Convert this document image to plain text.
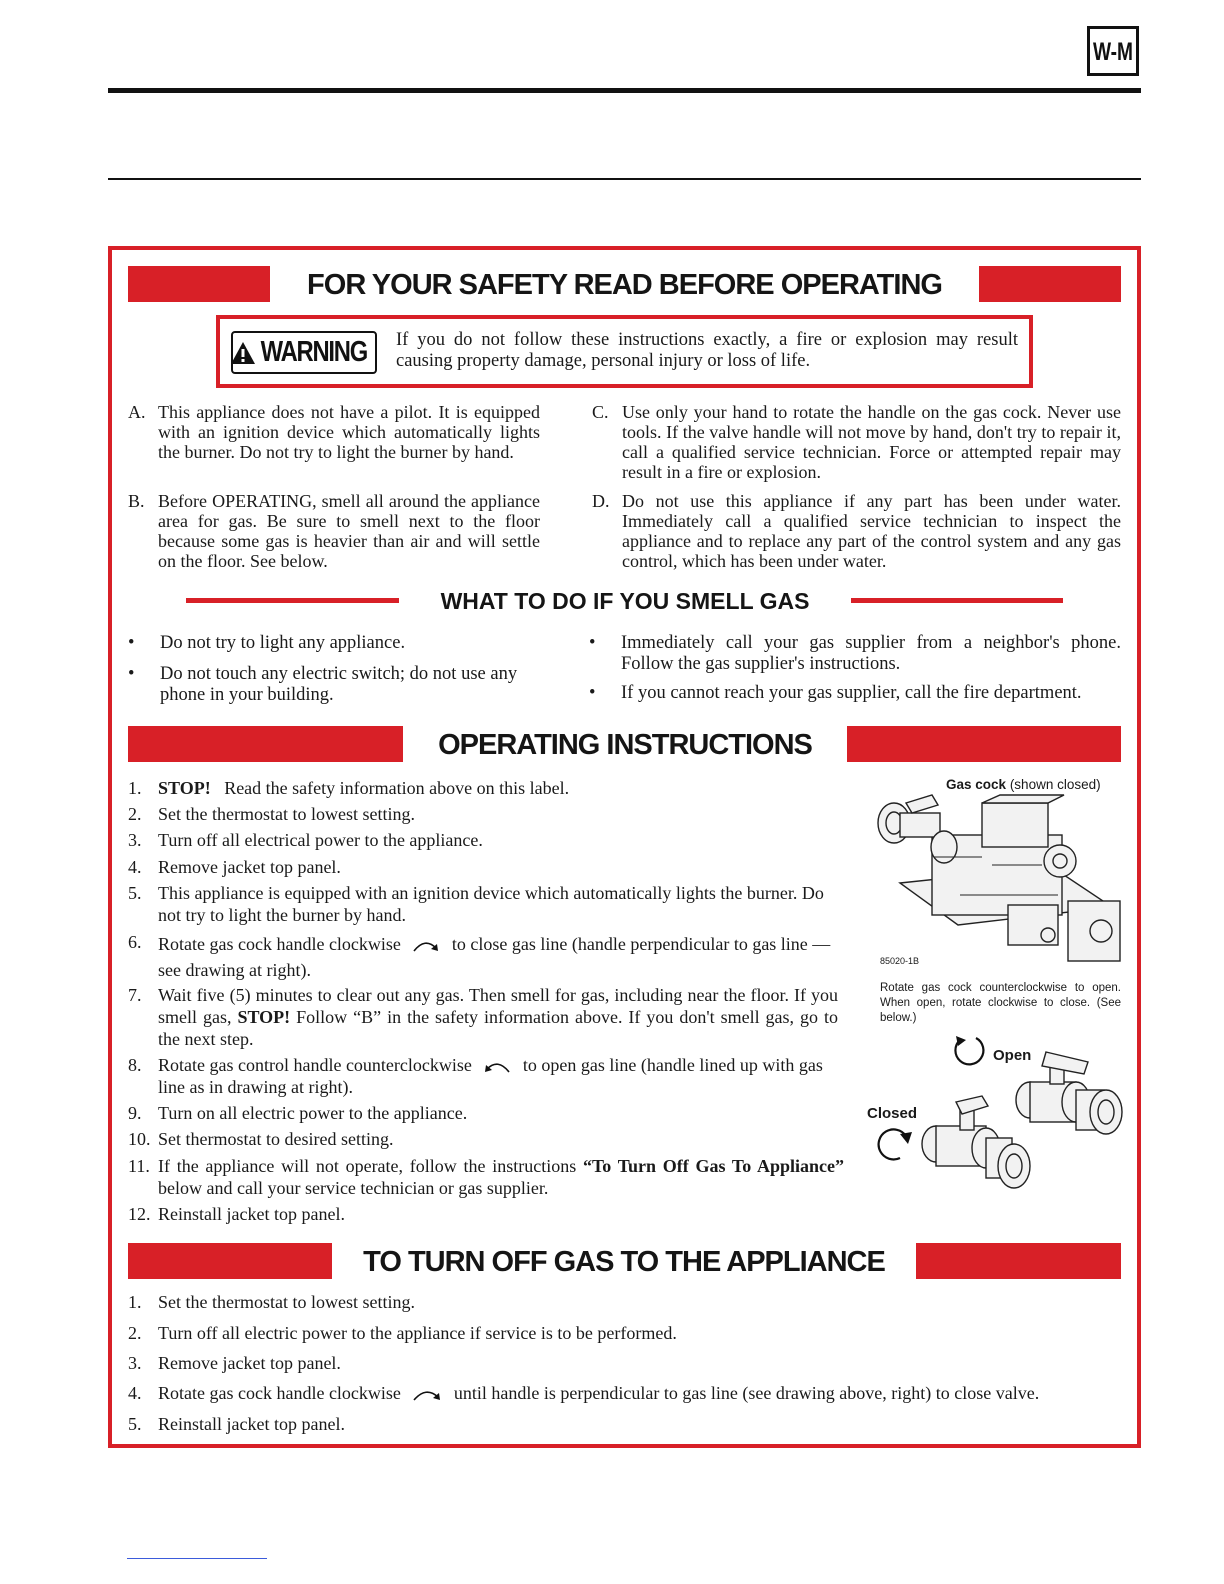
W-M
FOR YOUR SAFETY READ BEFORE OPERATING
WARNING If you do not follow these instructions exactly, a fire or explosion may result causing property damage, personal injury or loss of life.
A. This appliance does not have a pilot. It is equipped with an ignition device which automatically lights the burner. Do not try to light the burner by hand.
B. Before OPERATING, smell all around the appliance area for gas. Be sure to smell next to the floor because some gas is heavier than air and will settle on the floor. See below.
C. Use only your hand to rotate the handle on the gas cock. Never use tools. If the valve handle will not move by hand, don't try to repair it, call a qualified service technician. Force or attempted repair may result in a fire or explosion.
D. Do not use this appliance if any part has been under water. Immediately call a qualified service technician to inspect the appliance and to replace any part of the control system and any gas control, which has been under water.
WHAT TO DO IF YOU SMELL GAS
• Do not try to light any appliance.
• Do not touch any electric switch; do not use any phone in your building.
• Immediately call your gas supplier from a neighbor's phone. Follow the gas supplier's instructions.
• If you cannot reach your gas supplier, call the fire department.
OPERATING INSTRUCTIONS
1. STOP! Read the safety information above on this label.
2. Set the thermostat to lowest setting.
3. Turn off all electrical power to the appliance.
4. Remove jacket top panel.
5. This appliance is equipped with an ignition device which automatically lights the burner. Do not try to light the burner by hand.
6. Rotate gas cock handle clockwise	to close gas line (handle perpendicular to gas line — see drawing at right).
7. Wait five (5) minutes to clear out any gas. Then smell for gas, including near the floor. If you smell gas, STOP! Follow “B” in the safety information above. If you don't smell gas, go to the next step.
8. Rotate gas control handle counterclockwise	to open gas line (handle lined up with gas line as in drawing at right).
9. Turn on all electric power to the appliance.
10. Set thermostat to desired setting.
11. If the appliance will not operate, follow the instructions “To Turn Off Gas To Appliance” below and call your service technician or gas supplier.
12. Reinstall jacket top panel.
Gas cock (shown closed)
85020-1B
Rotate gas cock counterclockwise to open. When open, rotate clockwise to close. (See below.)
Open
Closed
TO TURN OFF GAS TO THE APPLIANCE
1. Set the thermostat to lowest setting.
2. Turn off all electric power to the appliance if service is to be performed.
3. Remove jacket top panel.
4. Rotate gas cock handle clockwise	until handle is perpendicular to gas line (see drawing above, right) to close valve.
5. Reinstall jacket top panel.
